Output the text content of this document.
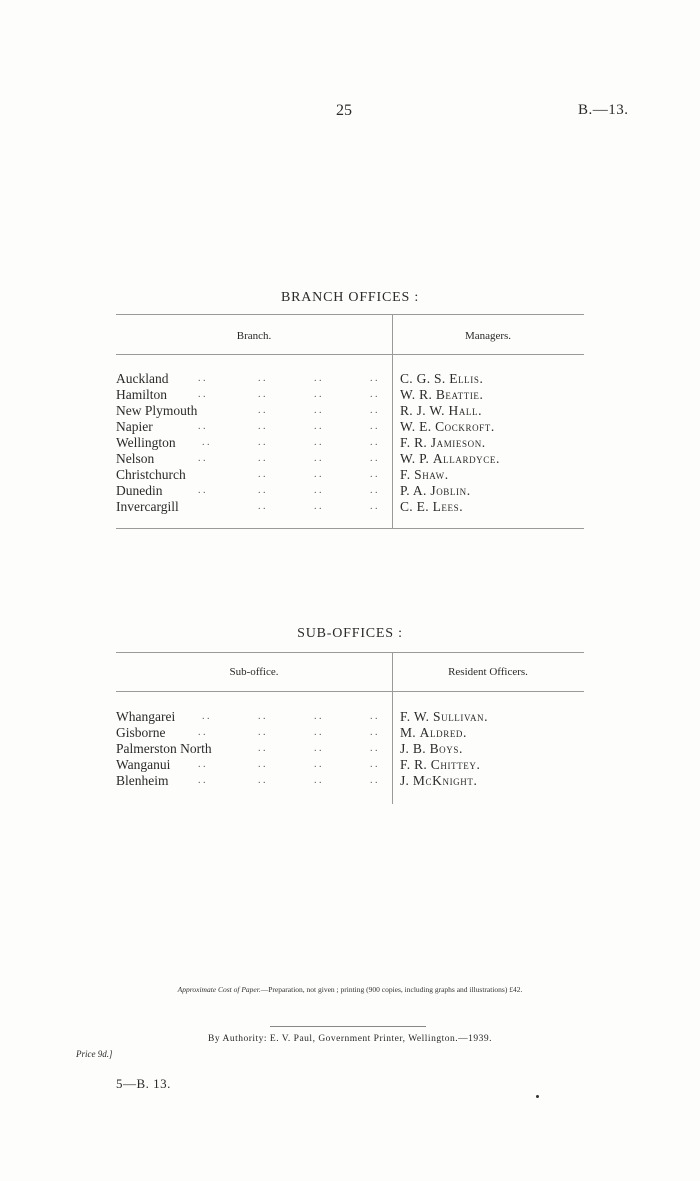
25	B.—13.
BRANCH OFFICES :
Branch.	Managers.
Auckland	. .	. .	. .	. . C. G. S. Ellis.
Hamilton	. .	. .	. .	. . W. R. Beattie.
New Plymouth	. .	. .	. . R. J. W. Hall.
Napier	. .	. .	. .	. . W. E. Cockroft.
Wellington	. .	. .	. .	. . F. R. Jamieson.
Nelson	. .	. .	. .	. . W. P. Allardyce.
Christchurch	. .	. .	. . F. Shaw.
Dunedin	. .	. .	. .	. . P. A. Joblin.
Invercargill	. .	. .	. . C. E. Lees.
SUB-OFFICES :
Sub-office.	Resident Officers.
Whangarei	. .	. .	. .	. . F. W. Sullivan.
Gisborne	. .	. .	. .	. . M. Aldred.
Palmerston North	. .	. .	. . J. B. Boys.
Wanganui	. .	. .	. .	. . F. R. Chittey.
Blenheim	. .	. .	. .	. . J. McKnight.
Approximate Cost of Paper.—Preparation, not given ; printing (900 copies, including graphs and illustrations) £42.
By Authority: E. V. Paul, Government Printer, Wellington.—1939.
Price 9d.]
5—B. 13.
